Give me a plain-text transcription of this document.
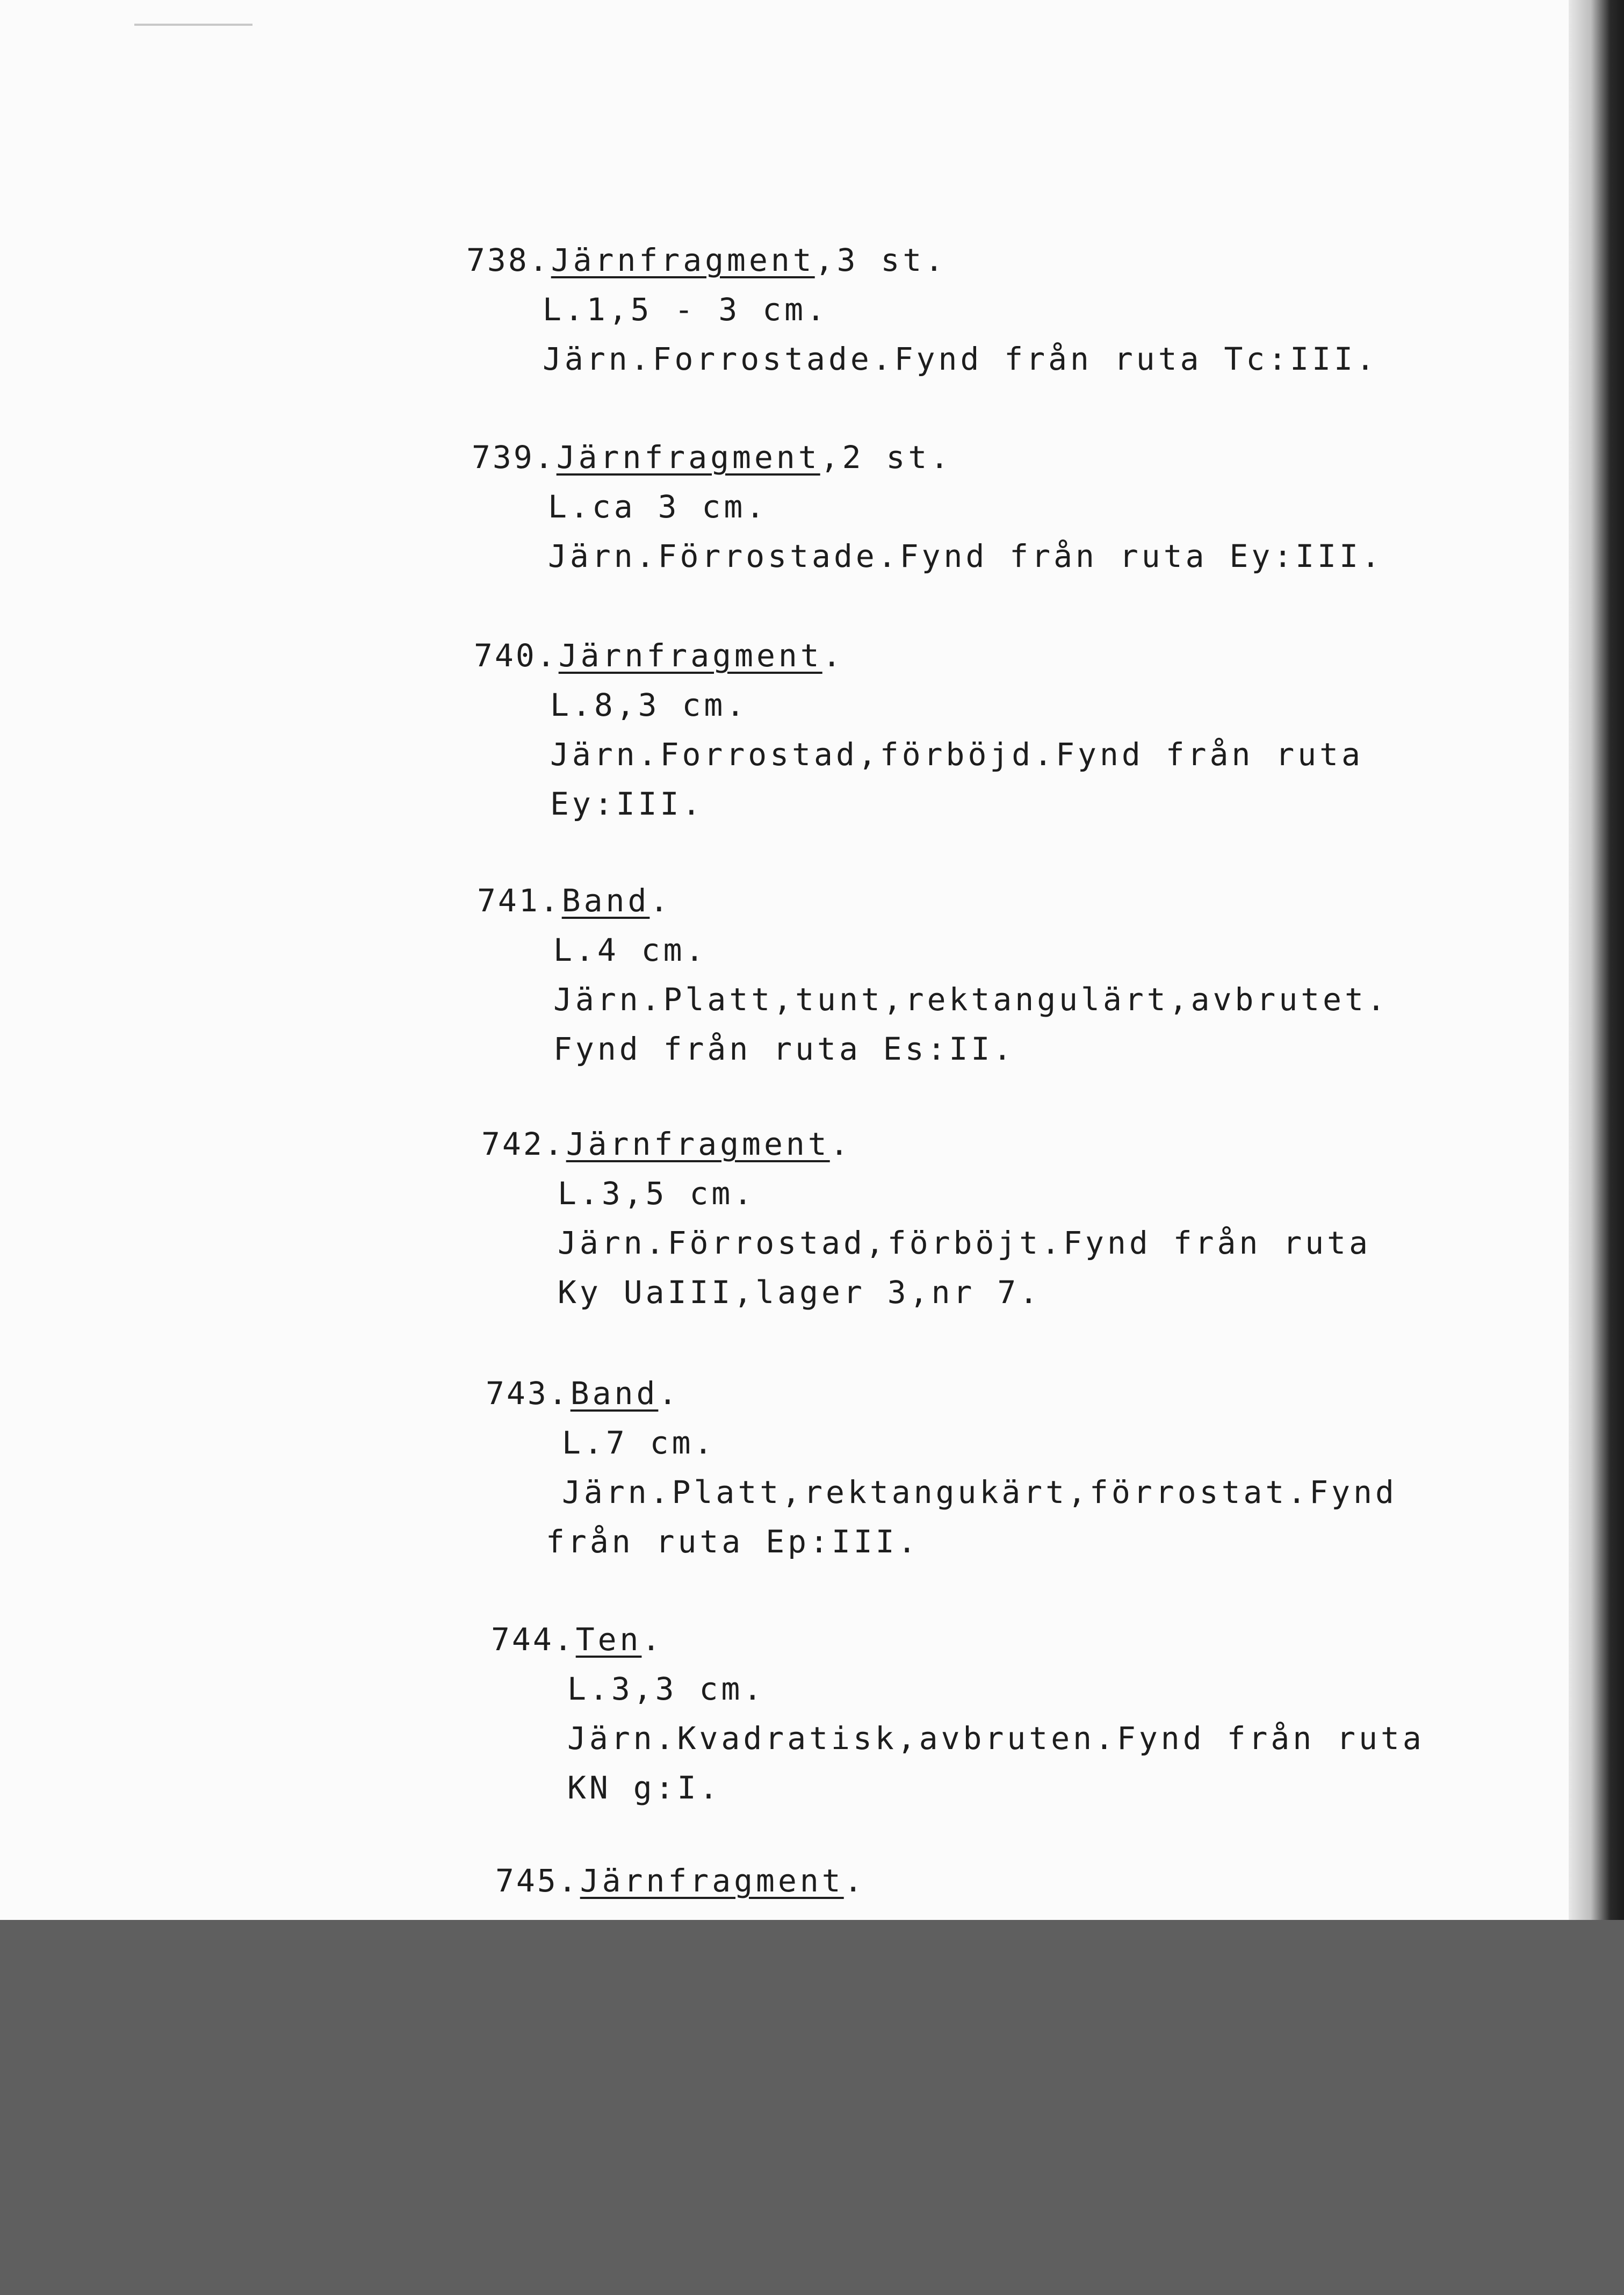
738.Järnfragment,3 st.
L.1,5 - 3 cm.
Järn.Forrostade.Fynd från ruta Tc:III.
739.Järnfragment,2 st.
L.ca 3 cm.
Järn.Förrostade.Fynd från ruta Ey:III.
740.Järnfragment.
L.8,3 cm.
Järn.Forrostad,förböjd.Fynd från ruta
Ey:III.
741.Band.
L.4 cm.
Järn.Platt,tunt,rektangulärt,avbrutet.
Fynd från ruta Es:II.
742.Järnfragment.
L.3,5 cm.
Järn.Förrostad,förböjt.Fynd från ruta
Ky UaIII,lager 3,nr 7.
743.Band.
L.7 cm.
Järn.Platt,rektangukärt,förrostat.Fynd
från ruta Ep:III.
744.Ten.
L.3,3 cm.
Järn.Kvadratisk,avbruten.Fynd från ruta
KN g:I.
745.Järnfragment.
